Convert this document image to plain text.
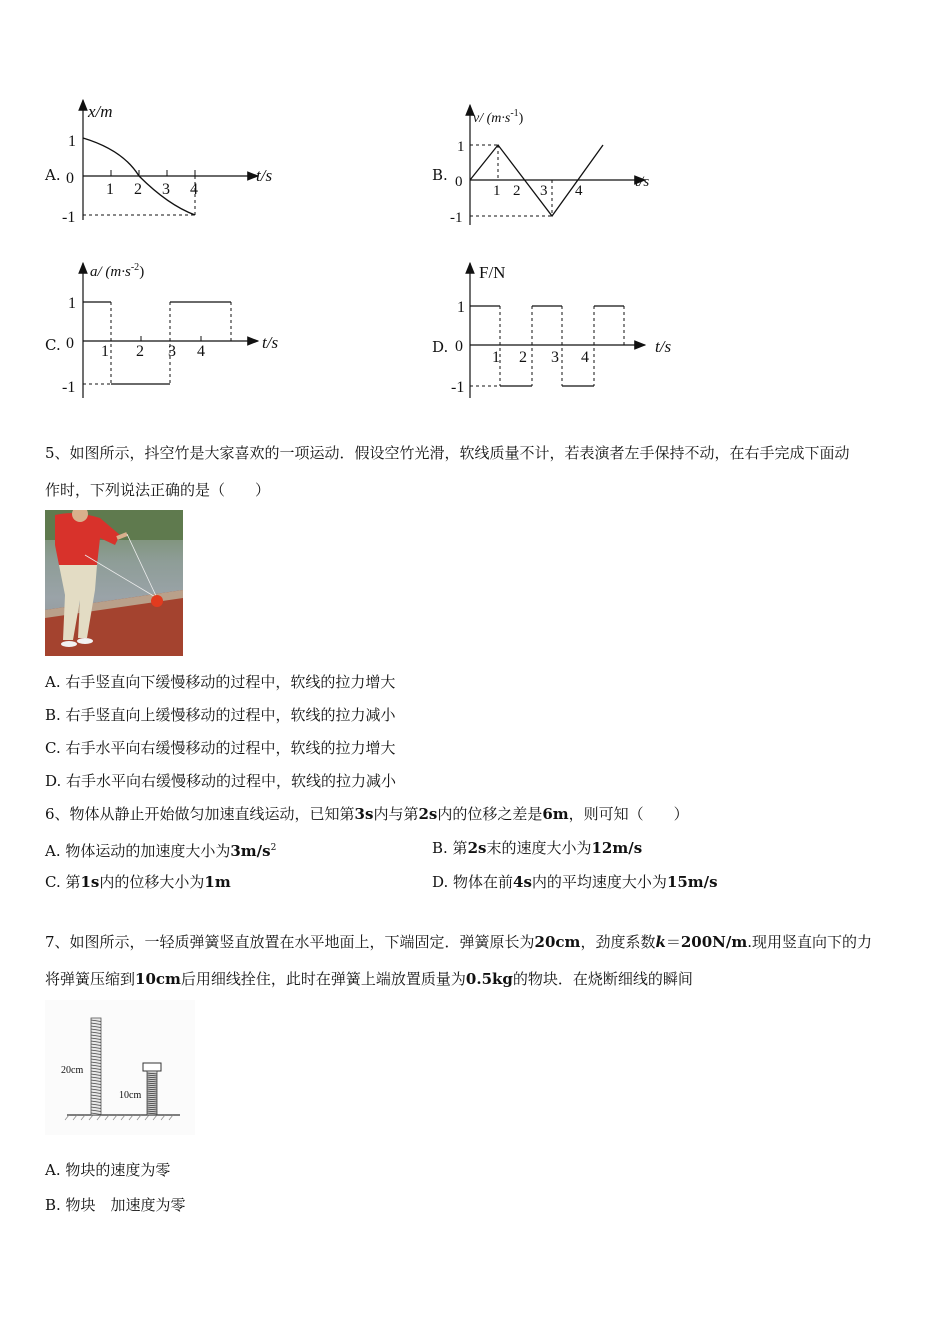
A.
x/m
t/s
1
0
-1
1 2 3 4
B.
v/ $(m\cdot s^{-1})$
t/s
1
0
-1
1 2 3 4
C.
a/ $(m\cdot s^{-2})$
t/s
1
0
-1
1 2 3 4	D.
F/N
t/s
1
0
-1
1 2 3 4
5、如图所示，抖空竹是大家喜欢的一项运动．假设空竹光滑，软线质量不计，若表演者左手保持不动，在右手完成下面动
作时，下列说法正确的是（　　）
A. 右手竖直向下缓慢移动的过程中，软线的拉力增大
B. 右手竖直向上缓慢移动的过程中，软线的拉力减小
C. 右手水平向右缓慢移动的过程中，软线的拉力增大
D. 右手水平向右缓慢移动的过程中，软线的拉力减小
6、物体从静止开始做匀加速直线运动，已知第3s内与第2s内的位移之差是6m，则可知（　　）
A. 物体运动的加速度大小为$3m/s^2$	B. 第2s末的速度大小为12m/s
C. 第1s内的位移大小为1m	D. 物体在前4s内的平均速度大小为15m/s
7、如图所示，一轻质弹簧竖直放置在水平地面上，下端固定．弹簧原长为20cm，劲度系数k＝200N/m.现用竖直向下的力
将弹簧压缩到10cm后用细线拴住，此时在弹簧上端放置质量为0.5kg的物块．在烧断细线的瞬间
20cm
10cm
A. 物块的速度为零
B. 物块　加速度为零
